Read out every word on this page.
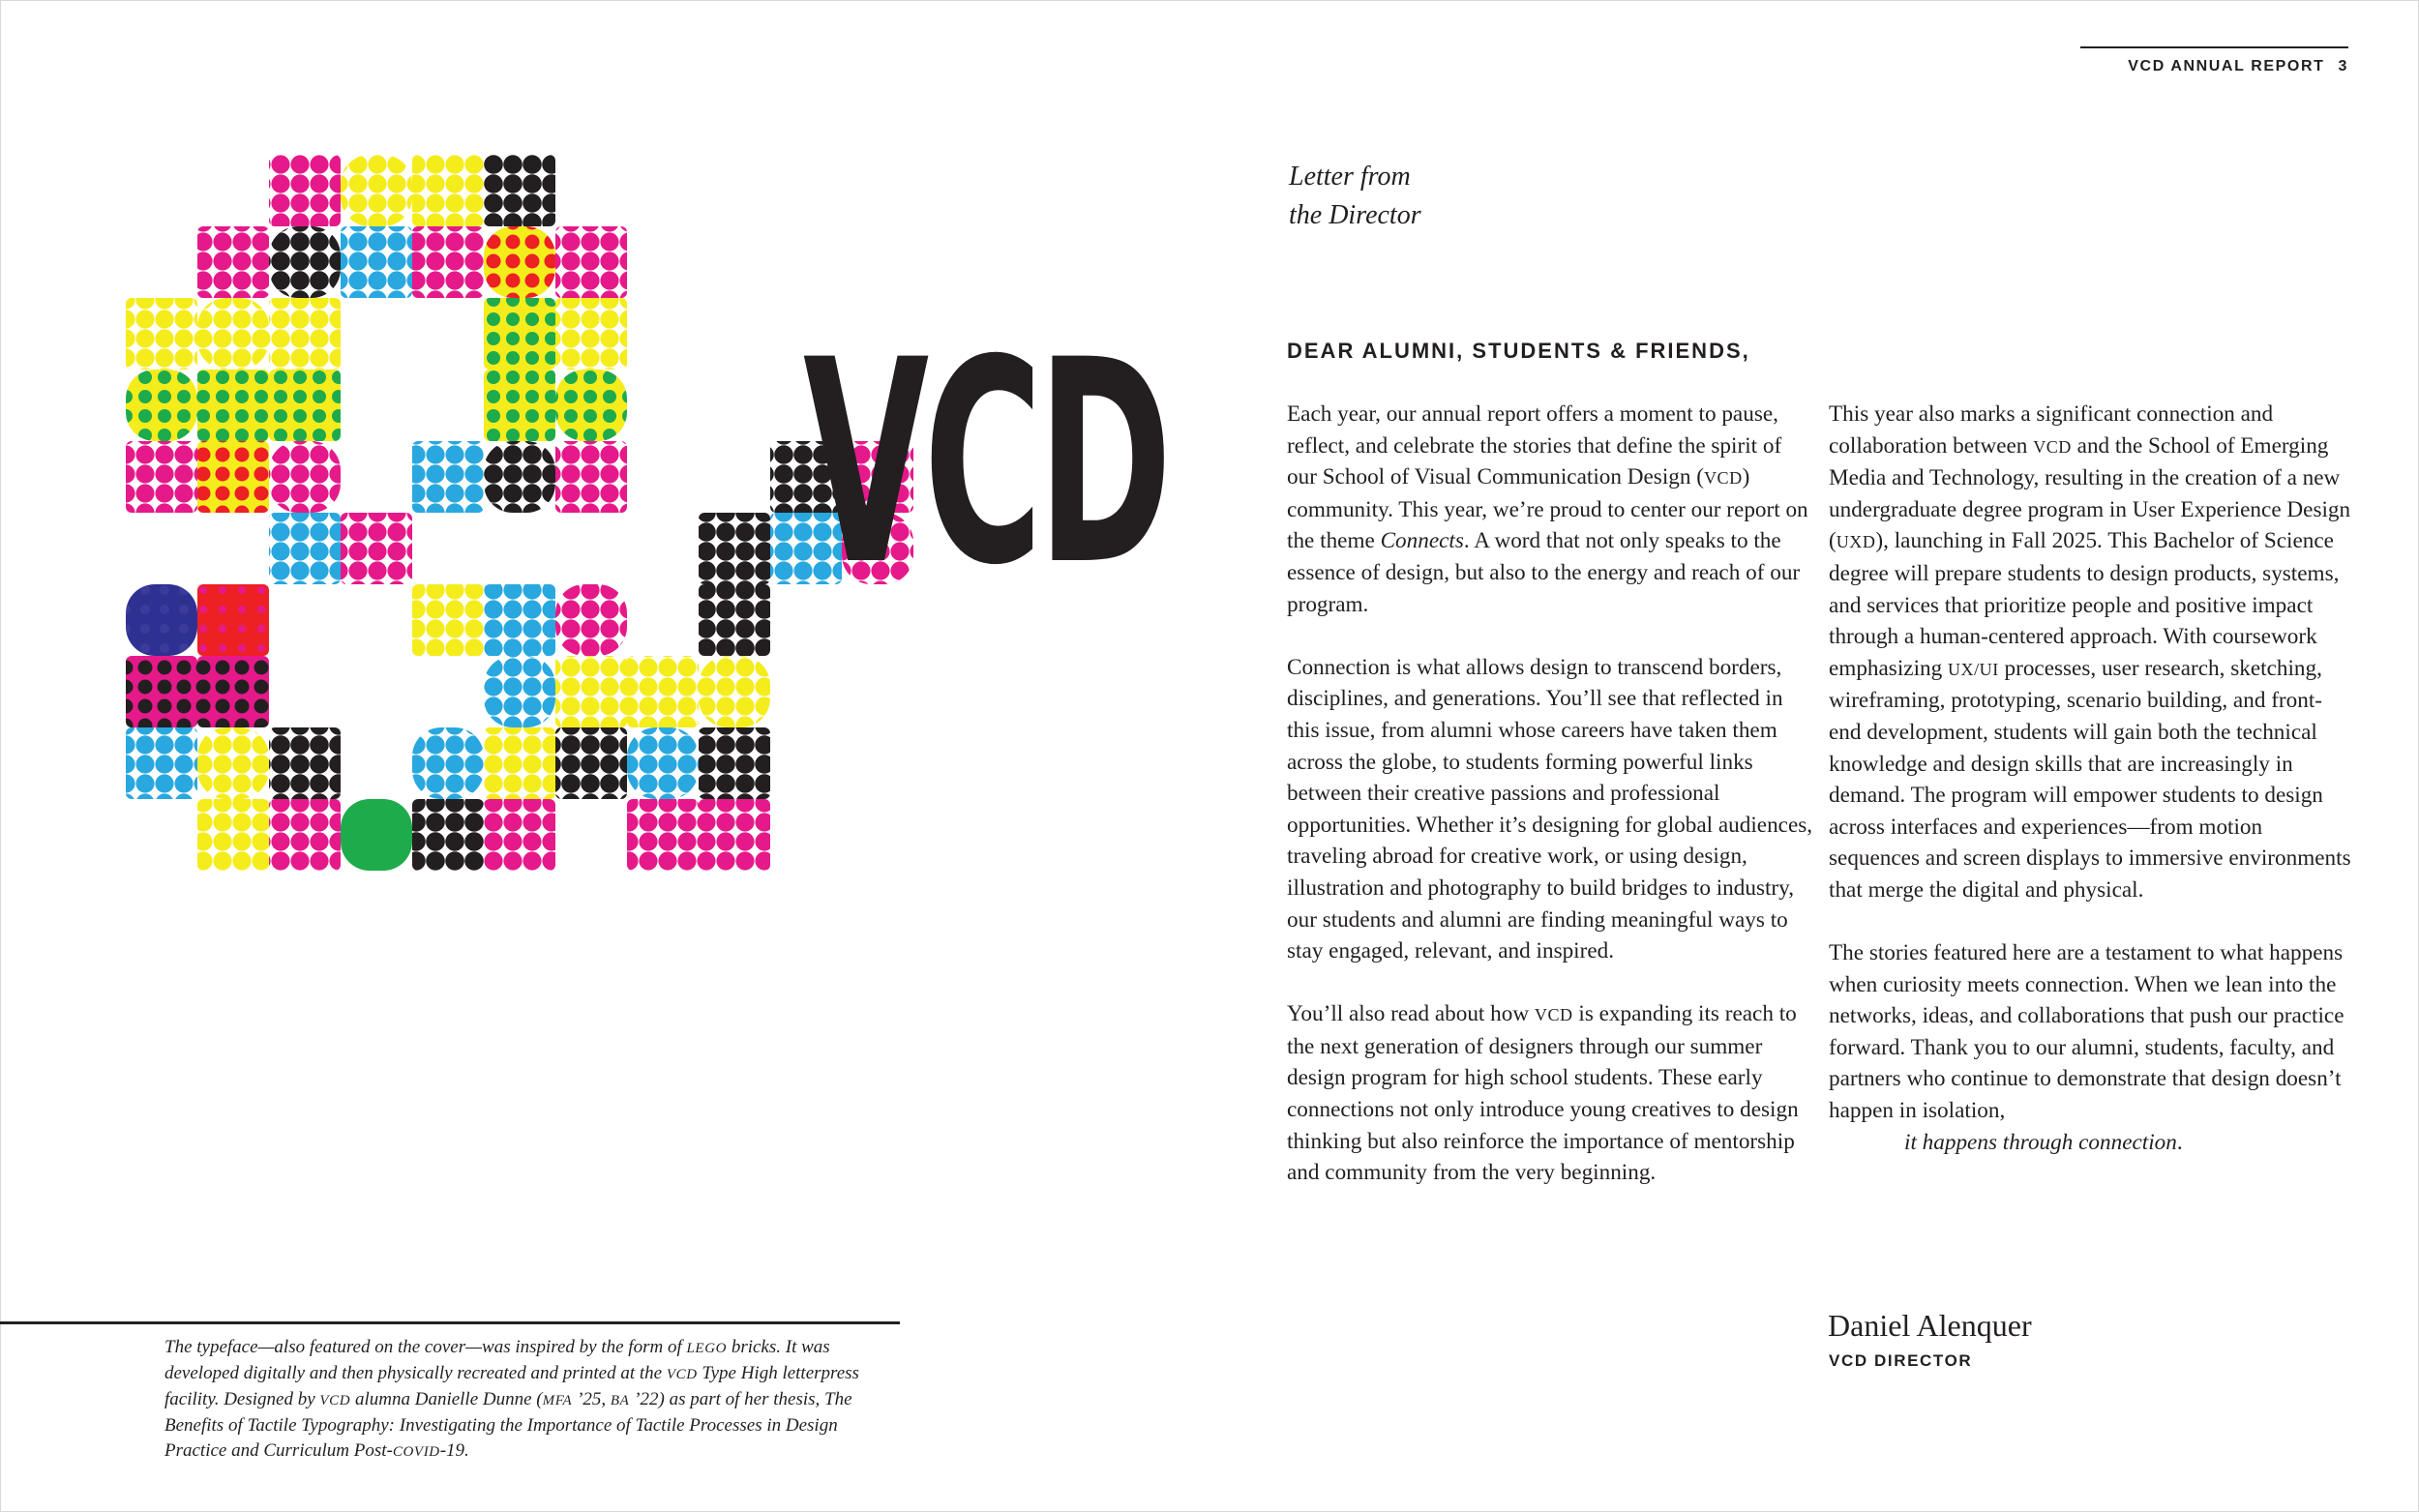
VCD ANNUAL REPORT 3
VCD
The typeface—also featured on the cover—was inspired by the form of LEGO bricks. It was developed digitally and then physically recreated and printed at the VCD Type High letterpress facility. Designed by VCD alumna Danielle Dunne (MFA ’25, BA ’22) as part of her thesis, The Benefits of Tactile Typography: Investigating the Importance of Tactile Processes in Design Practice and Curriculum Post-COVID-19.
Letter from
the Director
DEAR ALUMNI, STUDENTS & FRIENDS,

Each year, our annual report offers a moment to pause, reflect, and celebrate the stories that define the spirit of our School of Visual Communication Design (VCD) community. This year, we’re proud to center our report on the theme Connects. A word that not only speaks to the essence of design, but also to the energy and reach of our program.

Connection is what allows design to transcend borders, disciplines, and generations. You’ll see that reflected in this issue, from alumni whose careers have taken them across the globe, to students forming powerful links between their creative passions and professional opportunities. Whether it’s designing for global audiences, traveling abroad for creative work, or using design, illustration and photography to build bridges to industry, our students and alumni are finding meaningful ways to stay engaged, relevant, and inspired.

You’ll also read about how VCD is expanding its reach to the next generation of designers through our summer design program for high school students. These early connections not only introduce young creatives to design thinking but also reinforce the importance of mentorship and community from the very beginning.

This year also marks a significant connection and collaboration between VCD and the School of Emerging Media and Technology, resulting in the creation of a new undergraduate degree program in User Experience Design (UXD), launching in Fall 2025. This Bachelor of Science degree will prepare students to design products, systems, and services that prioritize people and positive impact through a human-centered approach. With coursework emphasizing UX/UI processes, user research, sketching, wireframing, prototyping, scenario building, and front-end development, students will gain both the technical knowledge and design skills that are increasingly in demand. The program will empower students to design across interfaces and experiences—from motion sequences and screen displays to immersive environments that merge the digital and physical.

The stories featured here are a testament to what happens when curiosity meets connection. When we lean into the networks, ideas, and collaborations that push our practice forward. Thank you to our alumni, students, faculty, and partners who continue to demonstrate that design doesn’t happen in isolation,
it happens through connection.

Daniel Alenquer
VCD DIRECTOR
